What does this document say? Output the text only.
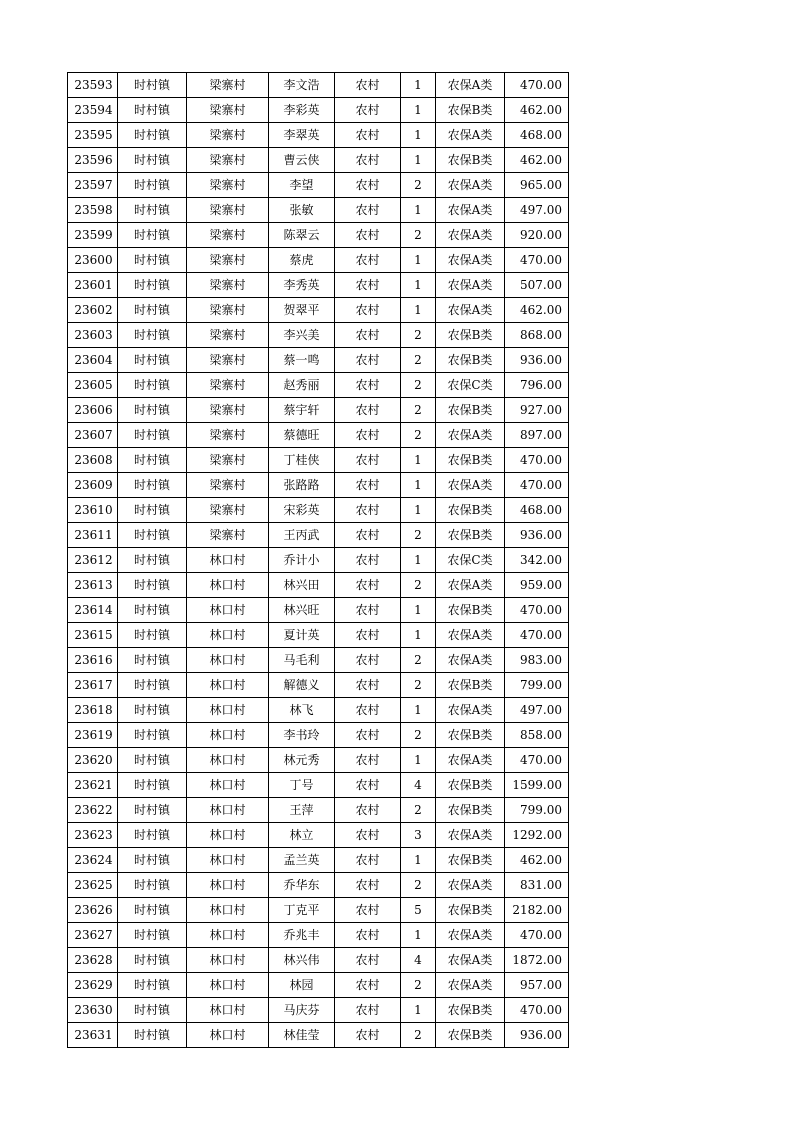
23593	时村镇	梁寨村	李文浩	农村	1	农保A类	470.00
23594	时村镇	梁寨村	李彩英	农村	1	农保B类	462.00
23595	时村镇	梁寨村	李翠英	农村	1	农保A类	468.00
23596	时村镇	梁寨村	曹云侠	农村	1	农保B类	462.00
23597	时村镇	梁寨村	李望	农村	2	农保A类	965.00
23598	时村镇	梁寨村	张敏	农村	1	农保A类	497.00
23599	时村镇	梁寨村	陈翠云	农村	2	农保A类	920.00
23600	时村镇	梁寨村	蔡虎	农村	1	农保A类	470.00
23601	时村镇	梁寨村	李秀英	农村	1	农保A类	507.00
23602	时村镇	梁寨村	贺翠平	农村	1	农保A类	462.00
23603	时村镇	梁寨村	李兴美	农村	2	农保B类	868.00
23604	时村镇	梁寨村	蔡一鸣	农村	2	农保B类	936.00
23605	时村镇	梁寨村	赵秀丽	农村	2	农保C类	796.00
23606	时村镇	梁寨村	蔡宇轩	农村	2	农保B类	927.00
23607	时村镇	梁寨村	蔡德旺	农村	2	农保A类	897.00
23608	时村镇	梁寨村	丁桂侠	农村	1	农保B类	470.00
23609	时村镇	梁寨村	张路路	农村	1	农保A类	470.00
23610	时村镇	梁寨村	宋彩英	农村	1	农保B类	468.00
23611	时村镇	梁寨村	王丙武	农村	2	农保B类	936.00
23612	时村镇	林口村	乔计小	农村	1	农保C类	342.00
23613	时村镇	林口村	林兴田	农村	2	农保A类	959.00
23614	时村镇	林口村	林兴旺	农村	1	农保B类	470.00
23615	时村镇	林口村	夏计英	农村	1	农保A类	470.00
23616	时村镇	林口村	马毛利	农村	2	农保A类	983.00
23617	时村镇	林口村	解德义	农村	2	农保B类	799.00
23618	时村镇	林口村	林飞	农村	1	农保A类	497.00
23619	时村镇	林口村	李书玲	农村	2	农保B类	858.00
23620	时村镇	林口村	林元秀	农村	1	农保A类	470.00
23621	时村镇	林口村	丁号	农村	4	农保B类	1599.00
23622	时村镇	林口村	王萍	农村	2	农保B类	799.00
23623	时村镇	林口村	林立	农村	3	农保A类	1292.00
23624	时村镇	林口村	孟兰英	农村	1	农保B类	462.00
23625	时村镇	林口村	乔华东	农村	2	农保A类	831.00
23626	时村镇	林口村	丁克平	农村	5	农保B类	2182.00
23627	时村镇	林口村	乔兆丰	农村	1	农保A类	470.00
23628	时村镇	林口村	林兴伟	农村	4	农保A类	1872.00
23629	时村镇	林口村	林园	农村	2	农保A类	957.00
23630	时村镇	林口村	马庆芬	农村	1	农保B类	470.00
23631	时村镇	林口村	林佳莹	农村	2	农保B类	936.00
